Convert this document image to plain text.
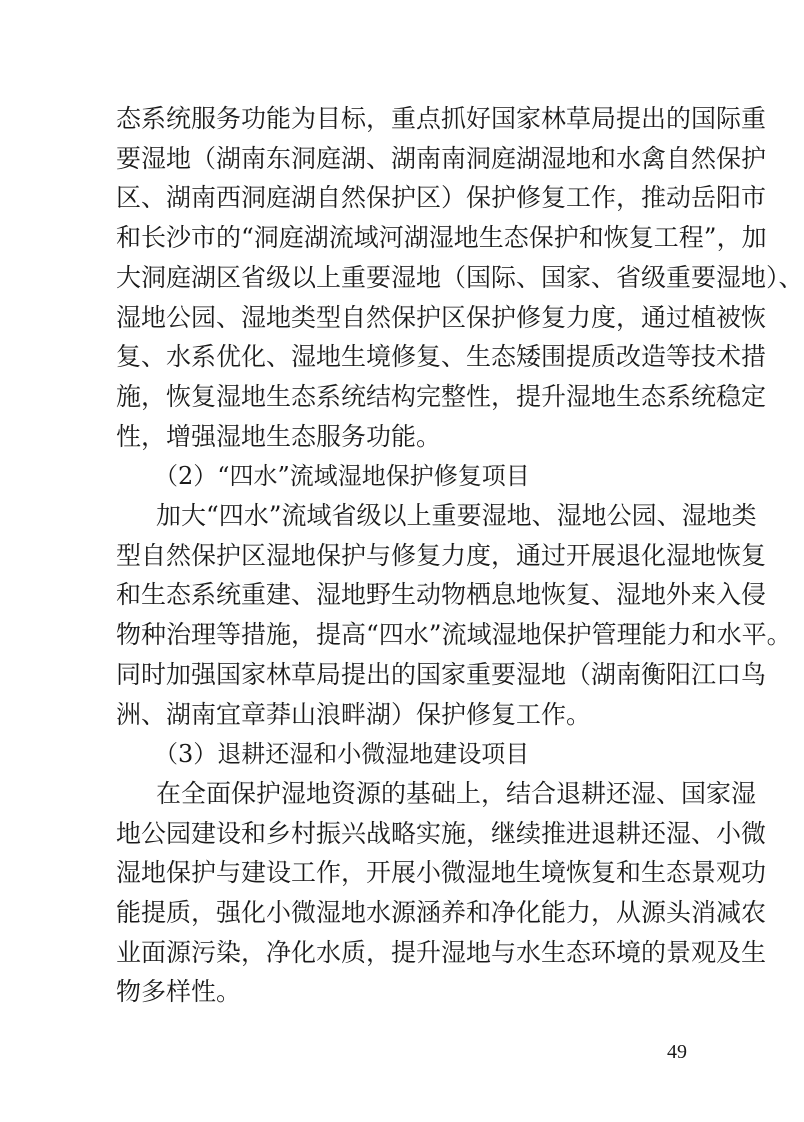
态系统服务功能为目标，重点抓好国家林草局提出的国际重
要湿地（湖南东洞庭湖、湖南南洞庭湖湿地和水禽自然保护
区、湖南西洞庭湖自然保护区）保护修复工作，推动岳阳市
和长沙市的“洞庭湖流域河湖湿地生态保护和恢复工程”，加
大洞庭湖区省级以上重要湿地（国际、国家、省级重要湿地）、
湿地公园、湿地类型自然保护区保护修复力度，通过植被恢
复、水系优化、湿地生境修复、生态矮围提质改造等技术措
施，恢复湿地生态系统结构完整性，提升湿地生态系统稳定
性，增强湿地生态服务功能。
（2）“四水”流域湿地保护修复项目
加大“四水”流域省级以上重要湿地、湿地公园、湿地类
型自然保护区湿地保护与修复力度，通过开展退化湿地恢复
和生态系统重建、湿地野生动物栖息地恢复、湿地外来入侵
物种治理等措施，提高“四水”流域湿地保护管理能力和水平。
同时加强国家林草局提出的国家重要湿地（湖南衡阳江口鸟
洲、湖南宜章莽山浪畔湖）保护修复工作。
（3）退耕还湿和小微湿地建设项目
在全面保护湿地资源的基础上，结合退耕还湿、国家湿
地公园建设和乡村振兴战略实施，继续推进退耕还湿、小微
湿地保护与建设工作，开展小微湿地生境恢复和生态景观功
能提质，强化小微湿地水源涵养和净化能力，从源头消减农
业面源污染，净化水质，提升湿地与水生态环境的景观及生
物多样性。
49
